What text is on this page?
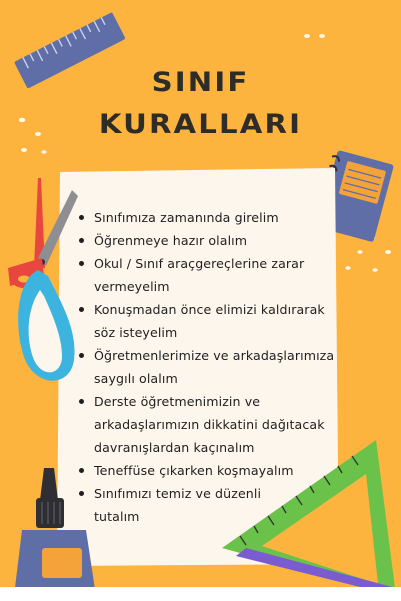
SINIF
KURALLARI
Sınıfımıza zamanında girelim
Öğrenmeye hazır olalım
Okul / Sınıf araçgereçlerine zarar
vermeyelim
Konuşmadan önce elimizi kaldırarak
söz isteyelim
Öğretmenlerimize ve arkadaşlarımıza
saygılı olalım
Derste öğretmenimizin ve
arkadaşlarımızın dikkatini dağıtacak
davranışlardan kaçınalım
Teneffüse çıkarken koşmayalım
Sınıfımızı temiz ve düzenli
tutalım
